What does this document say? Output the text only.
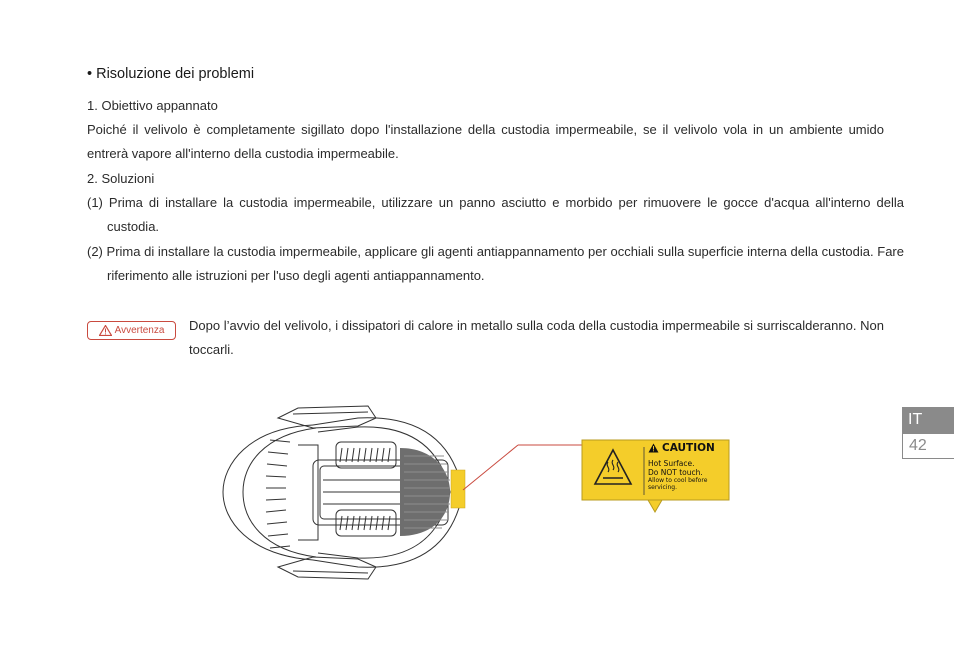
• Risoluzione dei problemi
1. Obiettivo appannato
Poiché il velivolo è completamente sigillato dopo l'installazione della custodia impermeabile, se il velivolo vola in un ambiente umido entrerà vapore all'interno della custodia impermeabile.
2. Soluzioni
(1) Prima di installare la custodia impermeabile, utilizzare un panno asciutto e morbido per rimuovere le gocce d'acqua all'interno della custodia.
(2) Prima di installare la custodia impermeabile, applicare gli agenti antiappannamento per occhiali sulla superficie interna della custodia. Fare riferimento alle istruzioni per l'uso degli agenti antiappannamento.
Avvertenza Dopo l’avvio del velivolo, i dissipatori di calore in metallo sulla coda della custodia impermeabile si surriscalderanno. Non toccarli.
CAUTION
Hot Surface.
Do NOT touch.
Allow to cool before
servicing.
IT
42
